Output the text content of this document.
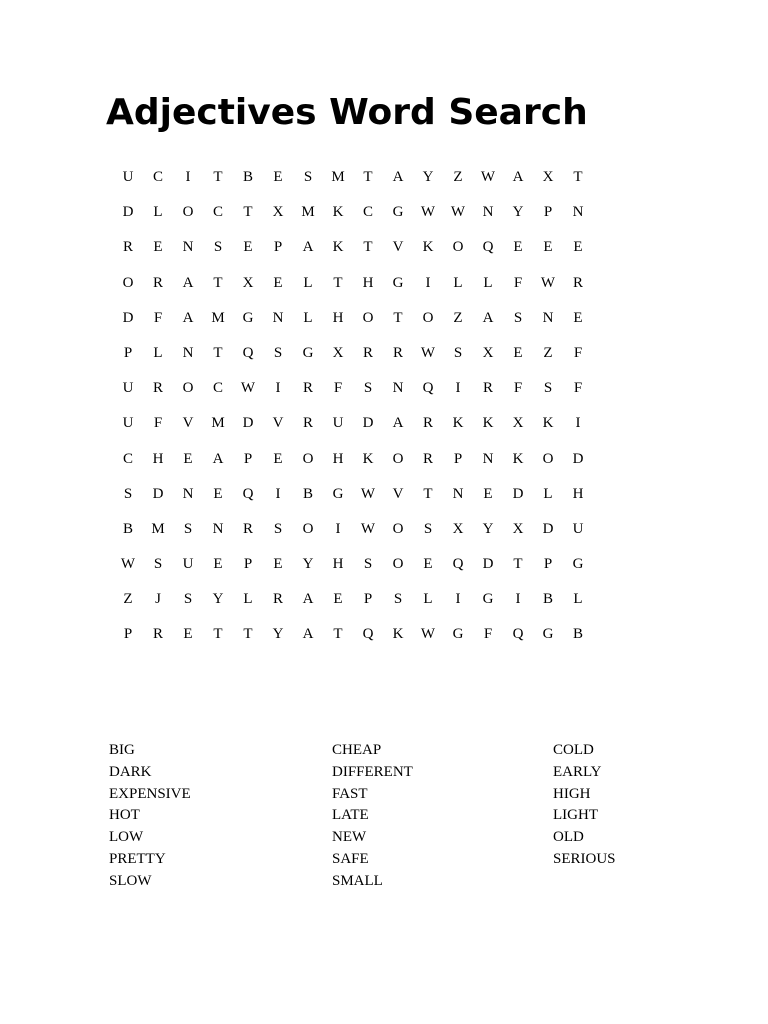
Adjectives Word Search
U	C	I	T	B	E	S	M	T	A	Y	Z	W	A	X	T
D	L	O	C	T	X	M	K	C	G	W	W	N	Y	P	N
R	E	N	S	E	P	A	K	T	V	K	O	Q	E	E	E
O	R	A	T	X	E	L	T	H	G	I	L	L	F	W	R
D	F	A	M	G	N	L	H	O	T	O	Z	A	S	N	E
P	L	N	T	Q	S	G	X	R	R	W	S	X	E	Z	F
U	R	O	C	W	I	R	F	S	N	Q	I	R	F	S	F
U	F	V	M	D	V	R	U	D	A	R	K	K	X	K	I
C	H	E	A	P	E	O	H	K	O	R	P	N	K	O	D
S	D	N	E	Q	I	B	G	W	V	T	N	E	D	L	H
B	M	S	N	R	S	O	I	W	O	S	X	Y	X	D	U
W	S	U	E	P	E	Y	H	S	O	E	Q	D	T	P	G
Z	J	S	Y	L	R	A	E	P	S	L	I	G	I	B	L
P	R	E	T	T	Y	A	T	Q	K	W	G	F	Q	G	B
BIG
DARK
EXPENSIVE
HOT
LOW
PRETTY
SLOW
CHEAP
DIFFERENT
FAST
LATE
NEW
SAFE
SMALL
COLD
EARLY
HIGH
LIGHT
OLD
SERIOUS
